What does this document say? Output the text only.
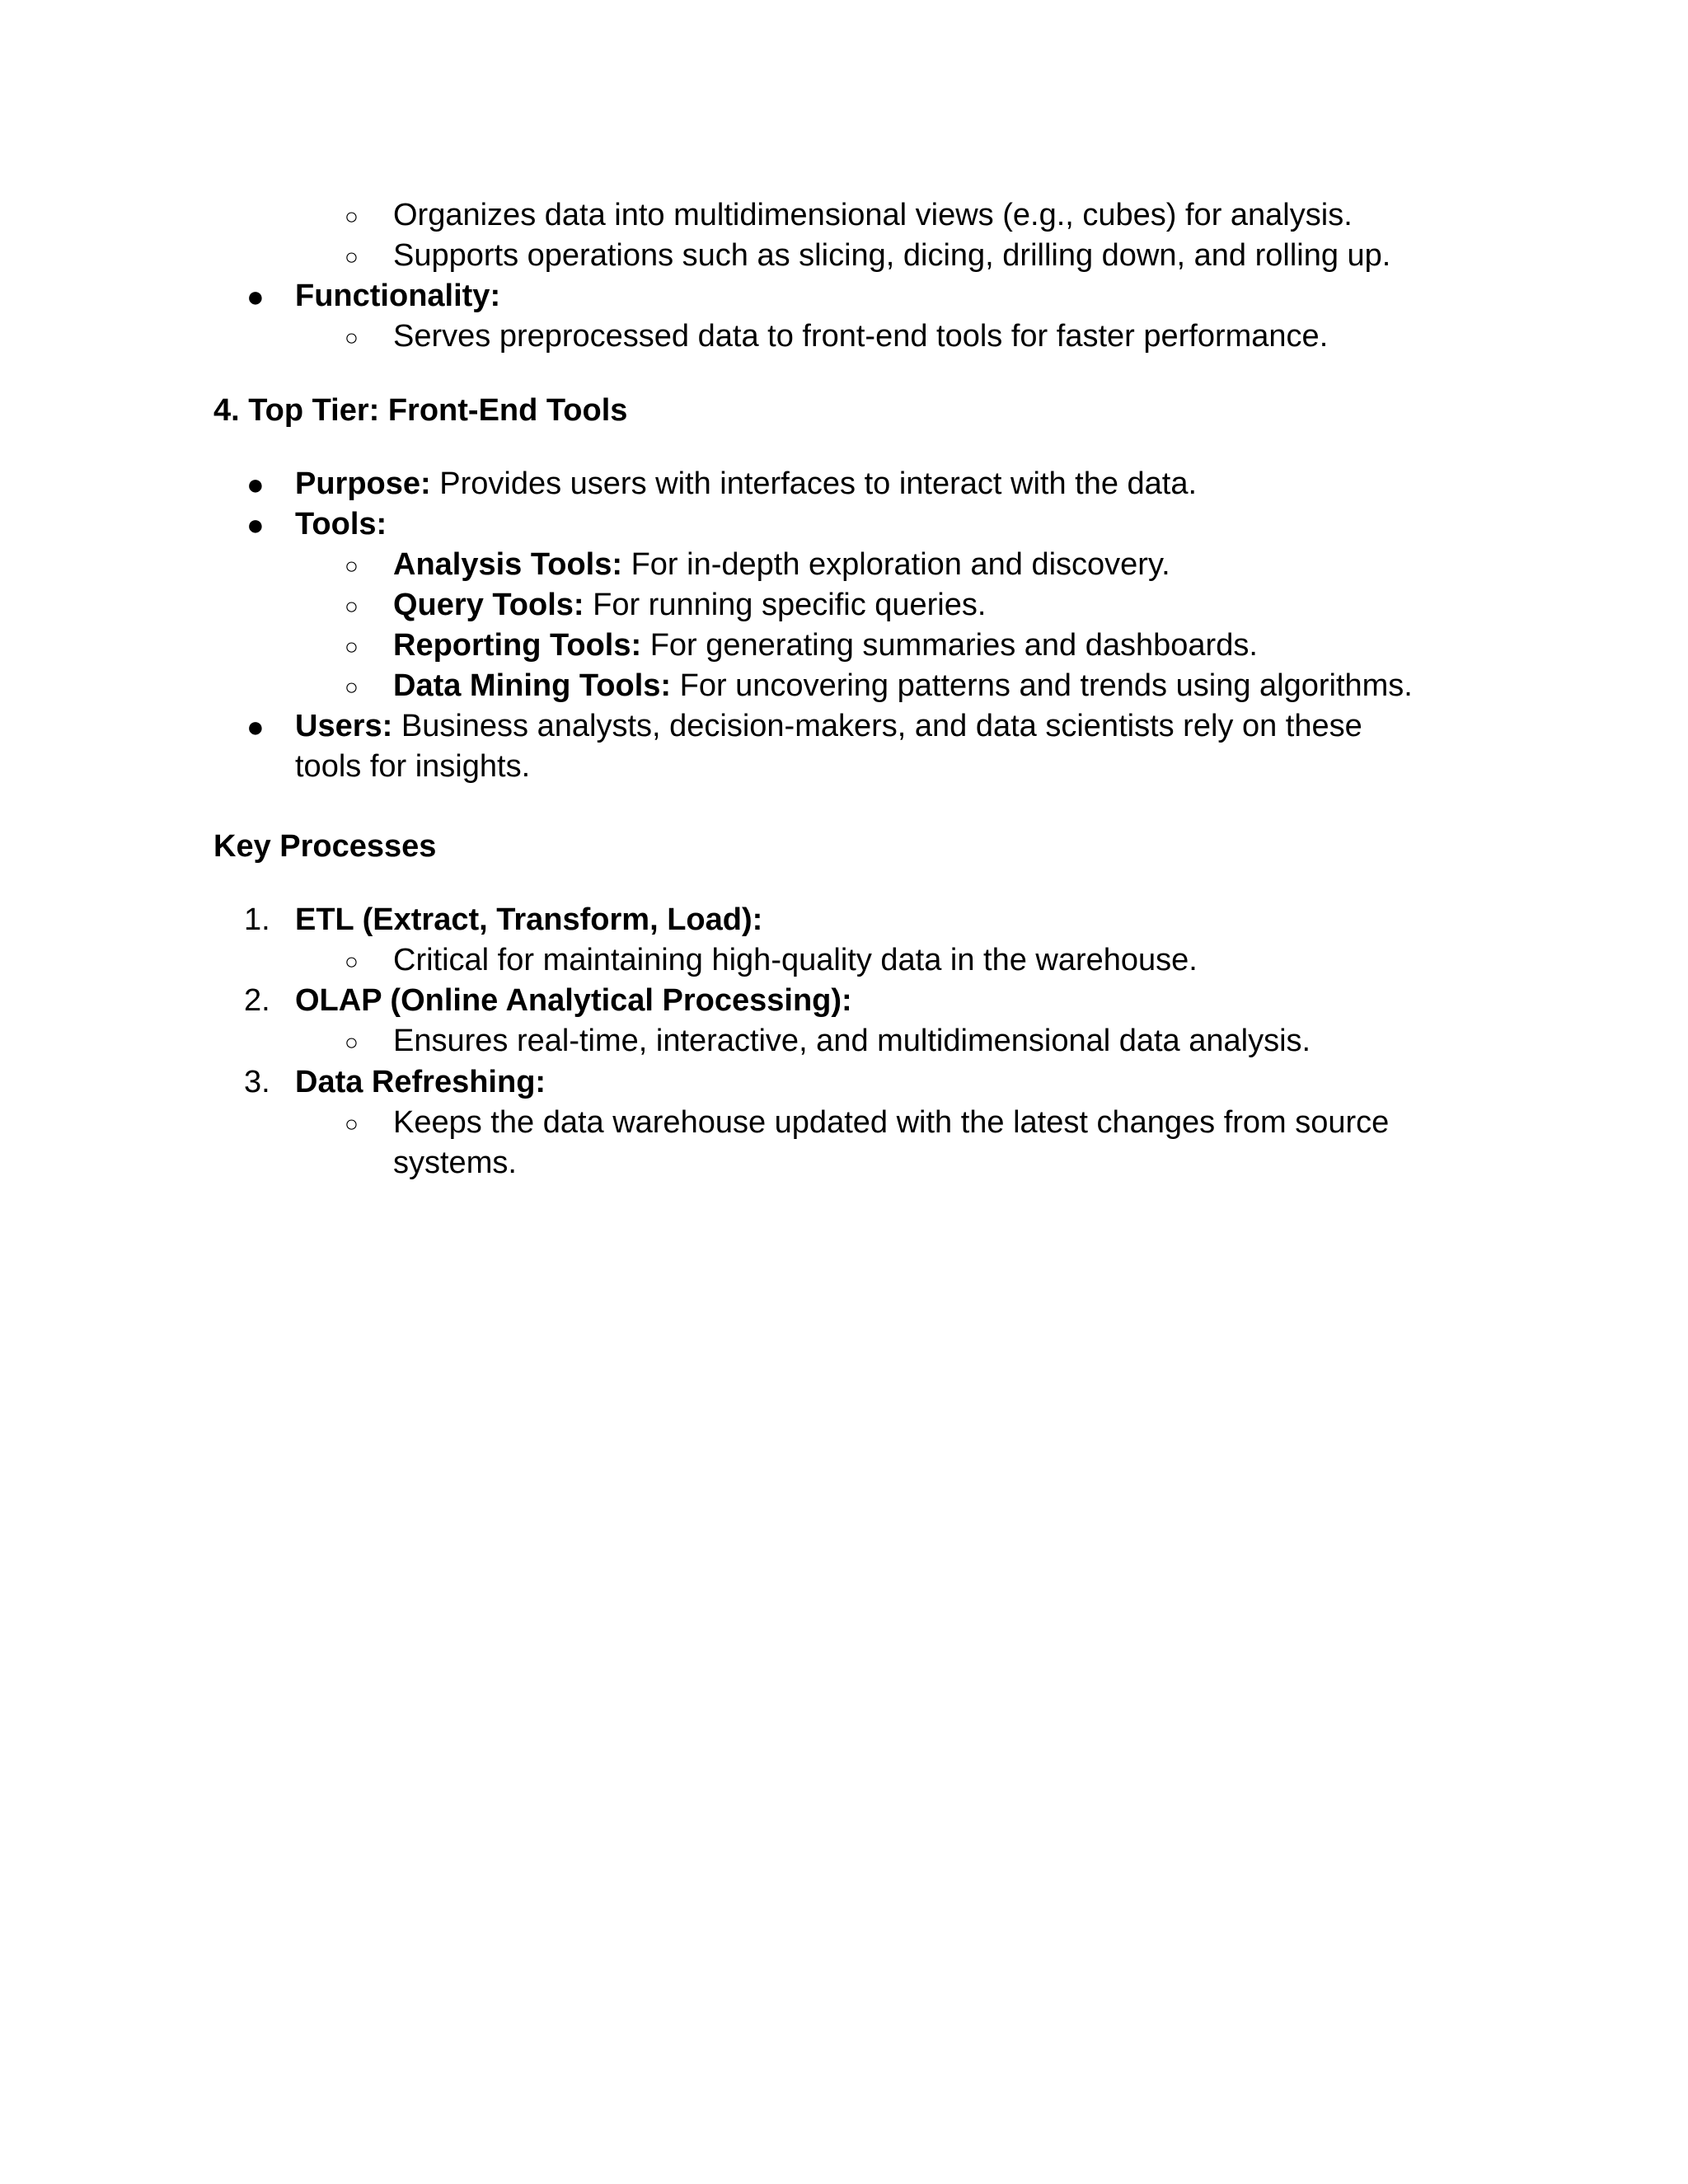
○ Organizes data into multidimensional views (e.g., cubes) for analysis.
○ Supports operations such as slicing, dicing, drilling down, and rolling up.
● Functionality:
○ Serves preprocessed data to front-end tools for faster performance.
4. Top Tier: Front-End Tools
● Purpose: Provides users with interfaces to interact with the data.
● Tools:
○ Analysis Tools: For in-depth exploration and discovery.
○ Query Tools: For running specific queries.
○ Reporting Tools: For generating summaries and dashboards.
○ Data Mining Tools: For uncovering patterns and trends using algorithms.
● Users: Business analysts, decision-makers, and data scientists rely on these
tools for insights.
Key Processes
1. ETL (Extract, Transform, Load):
○ Critical for maintaining high-quality data in the warehouse.
2. OLAP (Online Analytical Processing):
○ Ensures real-time, interactive, and multidimensional data analysis.
3. Data Refreshing:
○ Keeps the data warehouse updated with the latest changes from source
systems.
